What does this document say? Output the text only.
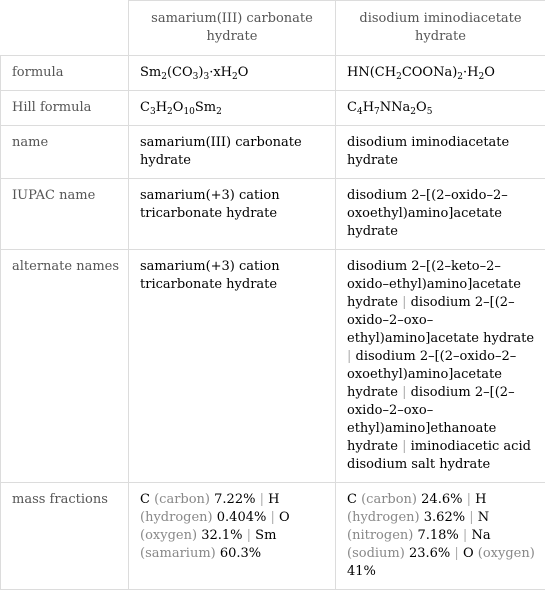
	samarium(III) carbonate hydrate	disodium iminodiacetate hydrate
formula	$Sm_2(CO_3)_3\cdot xH_2O$	$HN(CH_2COONa)_2\cdot H_2O$
Hill formula	$C_3H_2O_{10}Sm_2$	$C_4H_7NNa_2O_5$
name	samarium(III) carbonate hydrate	disodium iminodiacetate hydrate
IUPAC name	samarium(+3) cation tricarbonate hydrate	disodium 2–[(2–oxido–2–oxoethyl)amino]acetate hydrate
alternate names	samarium(+3) cation tricarbonate hydrate	disodium 2–[(2–keto–2–oxido–ethyl)amino]acetate hydrate | disodium 2–[(2–oxido–2–oxo–ethyl)amino]acetate hydrate | disodium 2–[(2–oxido–2–oxoethyl)amino]acetate hydrate | disodium 2–[(2–oxido–2–oxo–ethyl)amino]ethanoate hydrate | iminodiacetic acid disodium salt hydrate
mass fractions	C (carbon) 7.22% | H (hydrogen) 0.404% | O (oxygen) 32.1% | Sm (samarium) 60.3%	C (carbon) 24.6% | H (hydrogen) 3.62% | N (nitrogen) 7.18% | Na (sodium) 23.6% | O (oxygen) 41%
